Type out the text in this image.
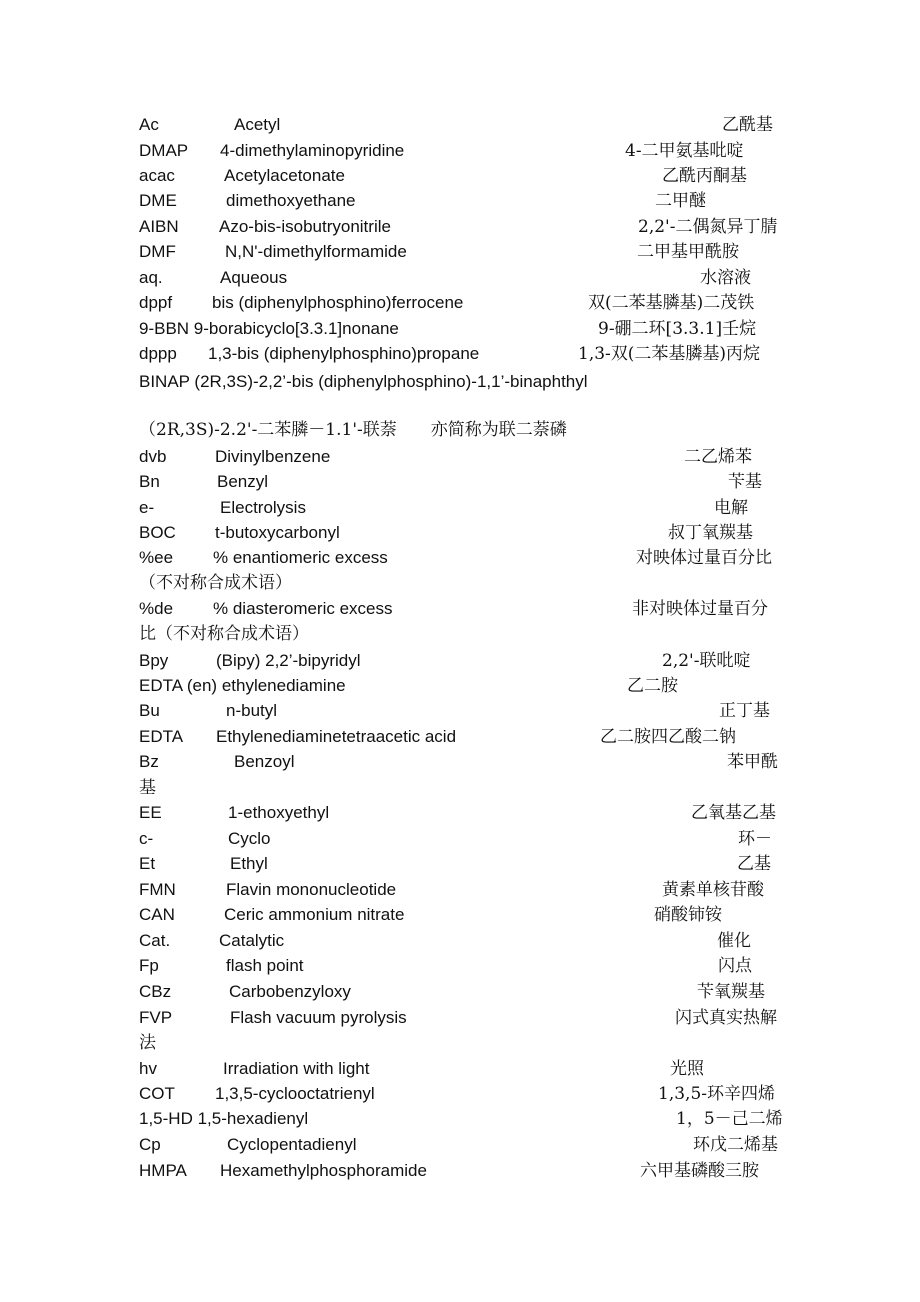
Ac	Acetyl	乙酰基
DMAP 4-dimethylaminopyridine	4-二甲氨基吡啶
acac	Acetylacetonate	乙酰丙酮基
DME	dimethoxyethane	二甲醚
AIBN Azo-bis-isobutryonitrile	2,2'-二偶氮异丁腈
DMF	N,N'-dimethylformamide	二甲基甲酰胺
aq.	Aqueous	水溶液
dppf bis (diphenylphosphino)ferrocene	双(二苯基膦基)二茂铁
9-BBN 9-borabicyclo[3.3.1]nonane	9-硼二环[3.3.1]壬烷
dppp 1,3-bis (diphenylphosphino)propane	1,3-双(二苯基膦基)丙烷
BINAP (2R,3S)-2,2’-bis (diphenylphosphino)-1,1’-binaphthyl
（2R,3S)-2.2'-二苯膦－1.1'-联萘　　亦简称为联二萘磷
dvb	Divinylbenzene	二乙烯苯
Bn	Benzyl	苄基
e-	Electrolysis	电解
BOC t-butoxycarbonyl	叔丁氧羰基
%ee % enantiomeric excess	对映体过量百分比
（不对称合成术语）
%de % diasteromeric excess	非对映体过量百分
比（不对称合成术语）
Bpy	(Bipy) 2,2’-bipyridyl	2,2'-联吡啶
EDTA (en) ethylenediamine	乙二胺
Bu	n-butyl	正丁基
EDTA Ethylenediaminetetraacetic acid	乙二胺四乙酸二钠
Bz	Benzoyl	苯甲酰
基
EE	1-ethoxyethyl	乙氧基乙基
c-	Cyclo	环－
Et	Ethyl	乙基
FMN	Flavin mononucleotide	黄素单核苷酸
CAN	Ceric ammonium nitrate	硝酸铈铵
Cat.	Catalytic	催化
Fp	flash point	闪点
CBz	Carbobenzyloxy	苄氧羰基
FVP	Flash vacuum pyrolysis	闪式真实热解
法
hv	Irradiation with light	光照
COT 1,3,5-cyclooctatrienyl	1,3,5-环辛四烯
1,5-HD 1,5-hexadienyl	1，5－己二烯
Cp	Cyclopentadienyl	环戊二烯基
HMPA Hexamethylphosphoramide	六甲基磷酸三胺
